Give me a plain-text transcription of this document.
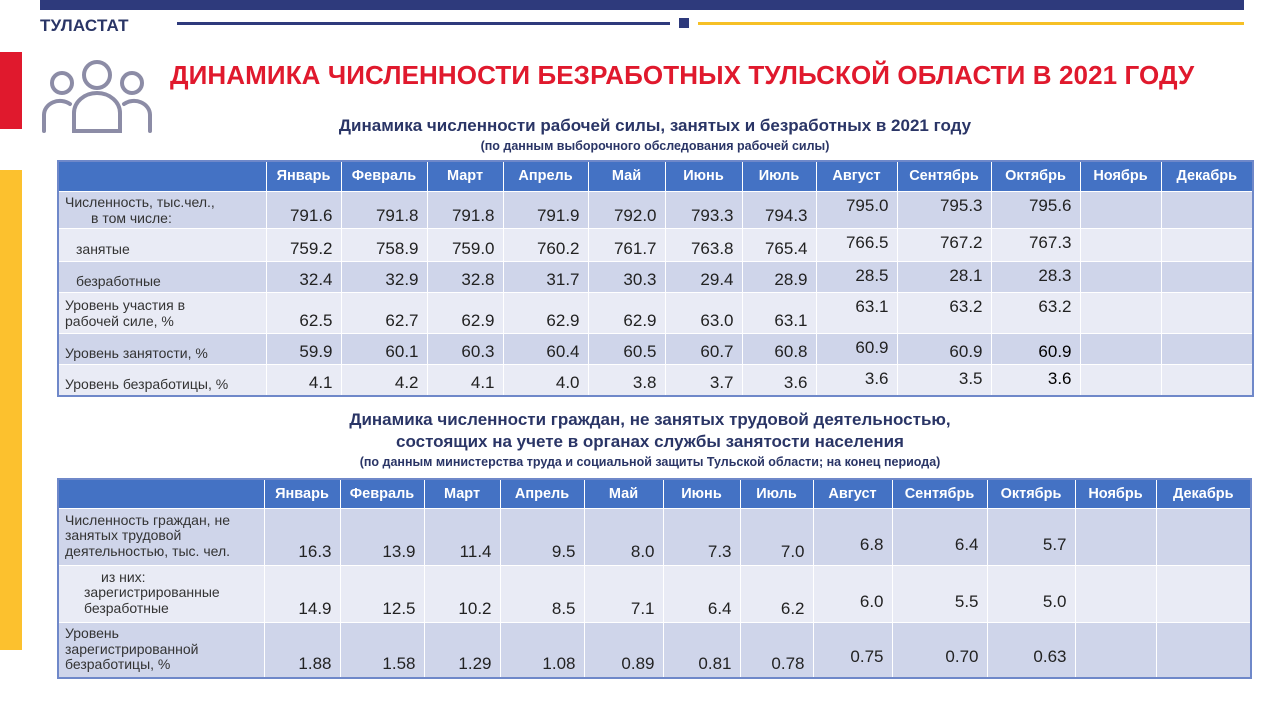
ТУЛАСТАТ
ДИНАМИКА ЧИСЛЕННОСТИ БЕЗРАБОТНЫХ ТУЛЬСКОЙ ОБЛАСТИ В 2021 ГОДУ
Динамика численности рабочей силы, занятых и безработных в 2021 году
(по данным выборочного обследования рабочей силы)
	Январь	Февраль	Март	Апрель	Май	Июнь	Июль	Август	Сентябрь	Октябрь	Ноябрь	Декабрь

Численность, тыс.чел.,
в том числе:	791.6	791.8	791.8	791.9	792.0	793.3	794.3	795.0	795.3	795.6		
занятые	759.2	758.9	759.0	760.2	761.7	763.8	765.4	766.5	767.2	767.3		
безработные	32.4	32.9	32.8	31.7	30.3	29.4	28.9	28.5	28.1	28.3		

Уровень участия в
рабочей силе, %	62.5	62.7	62.9	62.9	62.9	63.0	63.1	63.1	63.2	63.2		
Уровень занятости, %	59.9	60.1	60.3	60.4	60.5	60.7	60.8	60.9	60.9	60.9		
Уровень безработицы, %	4.1	4.2	4.1	4.0	3.8	3.7	3.6	3.6	3.5	3.6		
Динамика численности граждан, не занятых трудовой деятельностью,
состоящих на учете в органах службы занятости населения
(по данным министерства труда и социальной защиты Тульской области; на конец периода)
	Январь	Февраль	Март	Апрель	Май	Июнь	Июль	Август	Сентябрь	Октябрь	Ноябрь	Декабрь

Численность граждан, не
занятых трудовой
деятельностью, тыс. чел.	16.3	13.9	11.4	9.5	8.0	7.3	7.0	6.8	6.4	5.7		

из них:
зарегистрированные
безработные	14.9	12.5	10.2	8.5	7.1	6.4	6.2	6.0	5.5	5.0		

Уровень
зарегистрированной
безработицы, %	1.88	1.58	1.29	1.08	0.89	0.81	0.78	0.75	0.70	0.63		
